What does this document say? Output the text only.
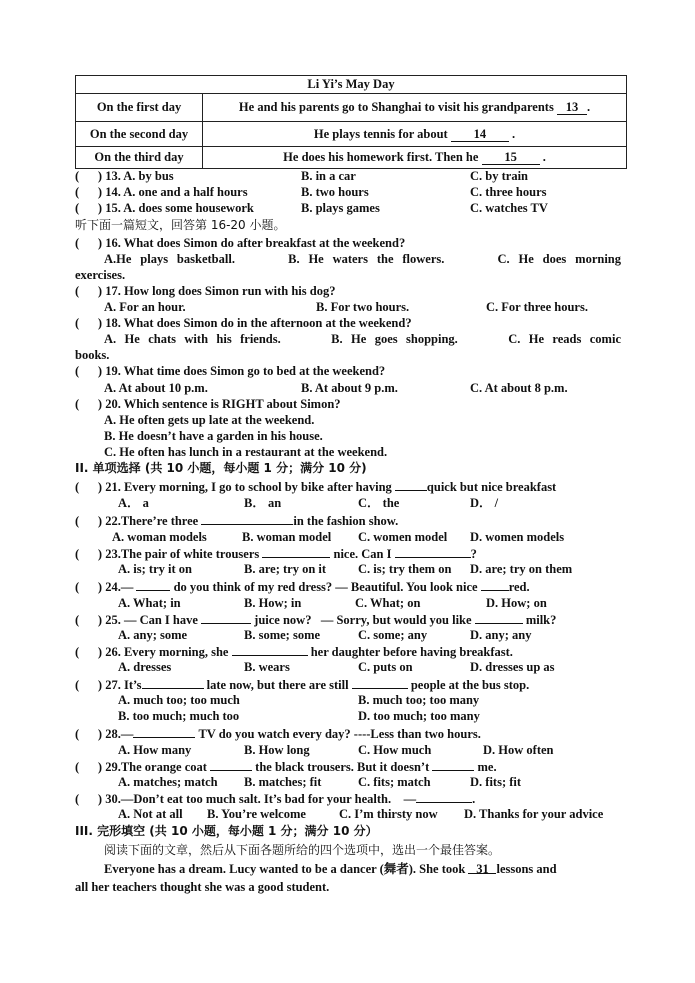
Li Yi’s May Day	
On the first day	He and his parents go to Shanghai to visit his grandparents 13 .
On the second day	He plays tennis for about 14 .
On the third day	He does his homework first. Then he 15 .
(      ) 13. A. by bus	B. in a car	C. by train
(      ) 14. A. one and a half hours	B. two hours	C. three hours
(      ) 15. A. does some housework	B. plays games	C. watches TV
听下面一篇短文，回答第 16-20 小题。
(      ) 16. What does Simon do after breakfast at the weekend?
A.He plays basketball.      B. He waters the flowers.      C. He does morning
exercises.
(      ) 17. How long does Simon run with his dog?
A. For an hour.	B. For two hours.	C. For three hours.
(      ) 18. What does Simon do in the afternoon at the weekend?
A. He chats with his friends.      B. He goes shopping.      C. He reads comic
books.
(      ) 19. What time does Simon go to bed at the weekend?
A. At about 10 p.m.	B. At about 9 p.m.	C. At about 8 p.m.
(      ) 20. Which sentence is RIGHT about Simon?
A. He often gets up late at the weekend.
B. He doesn’t have a garden in his house.
C. He often has lunch in a restaurant at the weekend.
II. 单项选择 (共 10 小题，每小题 1 分；满分 10 分)
(      ) 21. Every morning, I go to school by bike after having	quick but nice breakfast
A． a	B． an	C． the	D． /
(      ) 22.There’re three	in the fashion show.
A. woman models	B. woman model C. women model D. women models
(      ) 23.The pair of white trousers	nice. Can I	?
A. is; try it on	B. are; try on it	C. is; try them on D. are; try on them
(      ) 24.—	do you think of my red dress? — Beautiful. You look nice red.
A. What; in	B. How; in	C. What; on	D. How; on
(      ) 25. — Can I have	juice now?   — Sorry, but would you like	milk?
A. any; some	B. some; some	C. some; any	D. any; any
(      ) 26. Every morning, she	her daughter before having breakfast.
A. dresses	B. wears	C. puts on	D. dresses up as
(      ) 27. It’s	late now, but there are still	people at the bus stop.
A. much too; too much	B. much too; too many
B. too much; much too	D. too much; too many
(      ) 28.—	TV do you watch every day? ----Less than two hours.
A. How many	B. How long	C. How much	D. How often
(      ) 29.The orange coat	the black trousers. But it doesn’t	me.
A. matches; match B. matches; fit	C. fits; match	D. fits; fit
(      ) 30.—Don’t eat too much salt. It’s bad for your health.    —	.
A. Not at all B. You’re welcome	C. I’m thirsty now D. Thanks for your advice
III. 完形填空 (共 10 小题，每小题 1 分；满分 10 分）
阅读下面的文章，然后从下面各题所给的四个选项中，选出一个最佳答案。
Everyone has a dream. Lucy wanted to be a dancer (舞者). She took 31 lessons and
all her teachers thought she was a good student.
